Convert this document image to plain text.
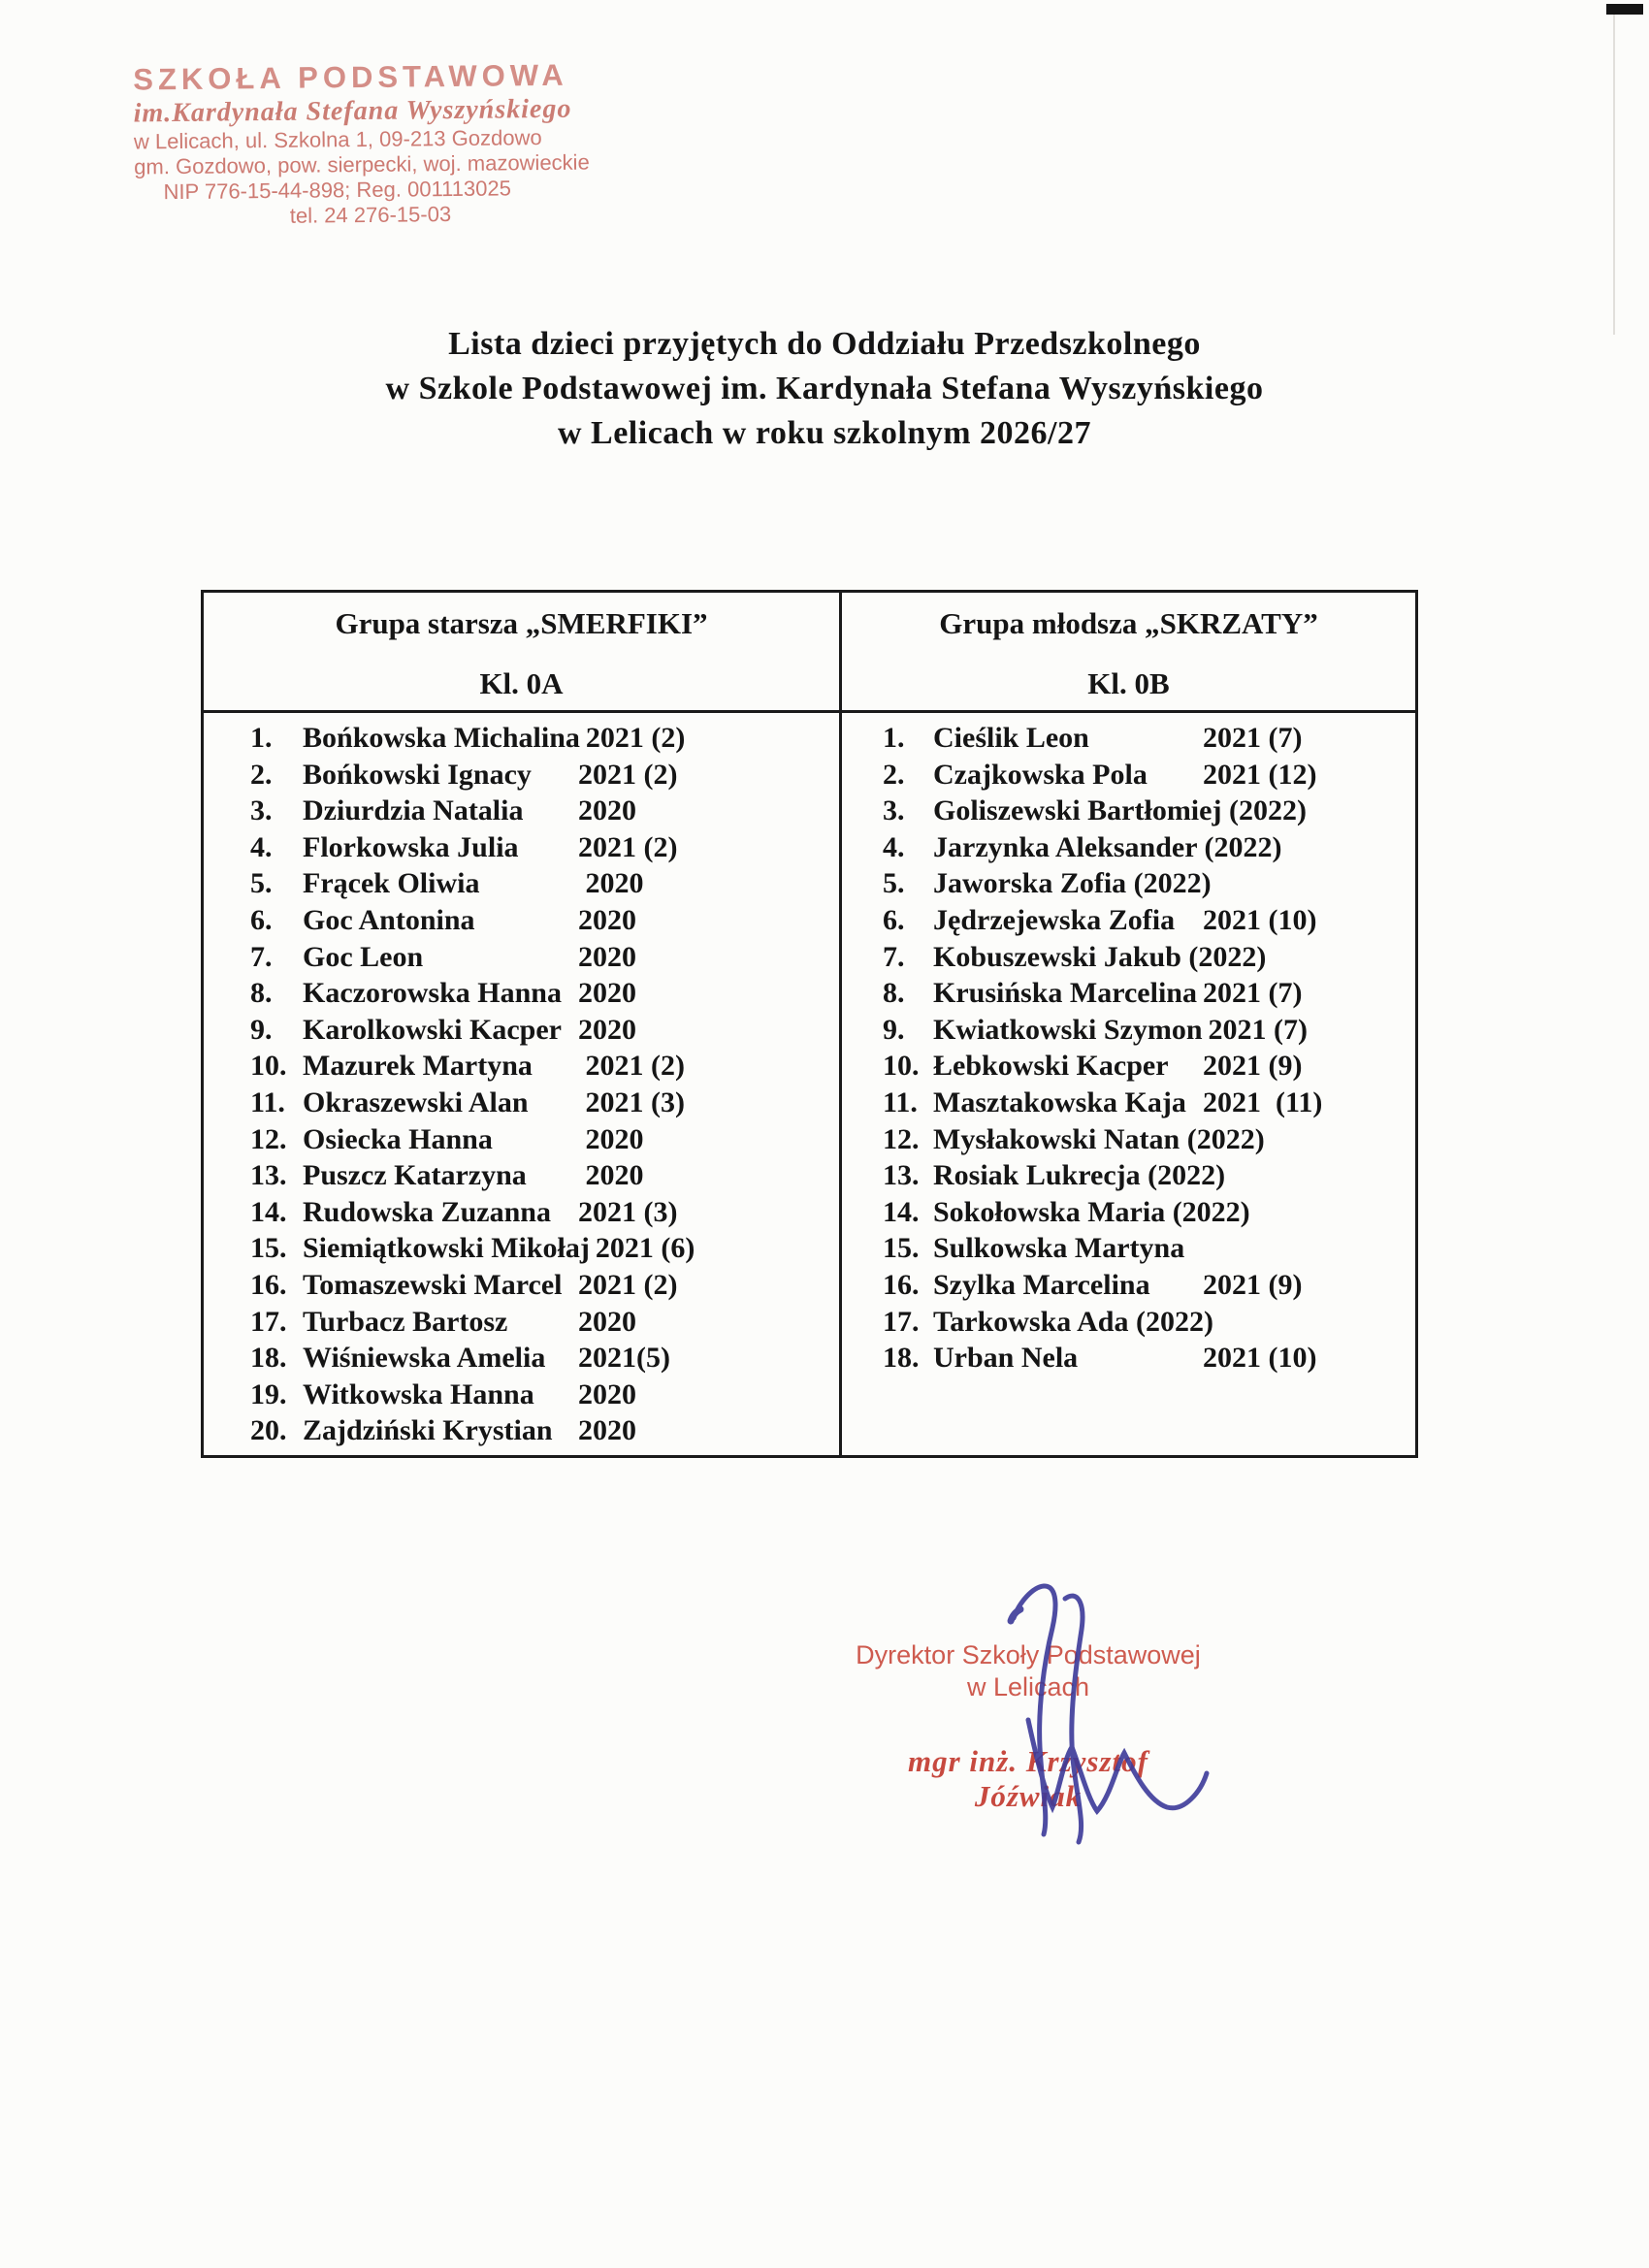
SZKOŁA PODSTAWOWA
im.Kardynała Stefana Wyszyńskiego
w Lelicach, ul. Szkolna 1, 09-213 Gozdowo
gm. Gozdowo, pow. sierpecki, woj. mazowieckie
NIP 776-15-44-898; Reg. 001113025
tel. 24 276-15-03
Lista dzieci przyjętych do Oddziału Przedszkolnego
w Szkole Podstawowej im. Kardynała Stefana Wyszyńskiego
w Lelicach w roku szkolnym 2026/27
Grupa starsza „SMERFIKI”
Kl. 0A
Grupa młodsza „SKRZATY”
Kl. 0B
1.	Bońkowska Michalina 2021 (2)
2.	Bońkowski Ignacy	2021 (2)
3.	Dziurdzia Natalia	2020
4.	Florkowska Julia	2021 (2)
5.	Frącek Oliwia	2020
6.	Goc Antonina	2020
7.	Goc Leon	2020
8.	Kaczorowska Hanna 2020
9.	Karolkowski Kacper 2020
10. Mazurek Martyna	2021 (2)
11. Okraszewski Alan	2021 (3)
12. Osiecka Hanna	2020
13. Puszcz Katarzyna	2020
14. Rudowska Zuzanna 2021 (3)
15. Siemiątkowski Mikołaj 2021 (6)
16. Tomaszewski Marcel 2021 (2)
17. Turbacz Bartosz	2020
18. Wiśniewska Amelia	2021(5)
19. Witkowska Hanna	2020
20. Zajdziński Krystian 2020
1. Cieślik Leon	2021 (7)
2. Czajkowska Pola	2021 (12)
3. Goliszewski Bartłomiej (2022)
4. Jarzynka Aleksander (2022)
5. Jaworska Zofia (2022)
6. Jędrzejewska Zofia 2021 (10)
7. Kobuszewski Jakub (2022)
8. Krusińska Marcelina 2021 (7)
9. Kwiatkowski Szymon 2021 (7)
10. Łebkowski Kacper	2021 (9)
11. Masztakowska Kaja 2021  (11)
12. Mysłakowski Natan (2022)
13. Rosiak Lukrecja (2022)
14. Sokołowska Maria (2022)
15. Sulkowska Martyna
16. Szylka Marcelina	2021 (9)
17. Tarkowska Ada (2022)
18. Urban Nela	2021 (10)
Dyrektor Szkoły Podstawowej
w Lelicach
mgr inż. Krzysztof Jóźwiak
